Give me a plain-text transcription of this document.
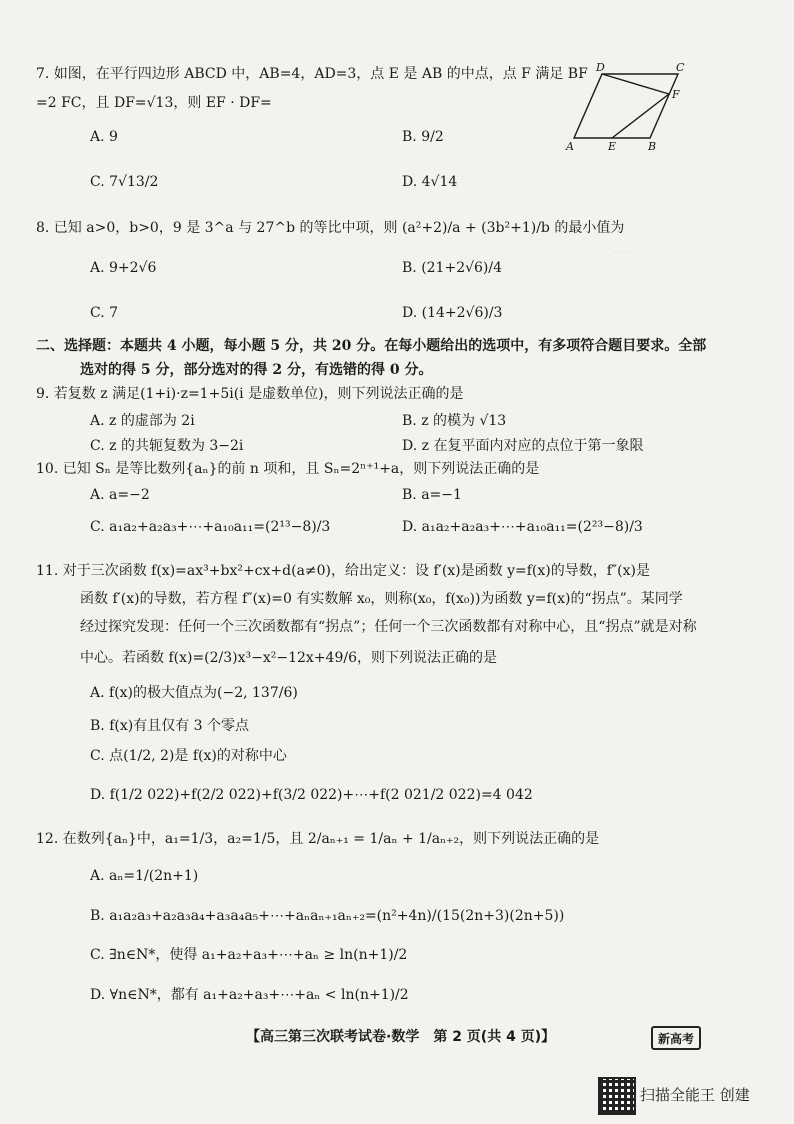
7. 如图，在平行四边形 ABCD 中，AB=4，AD=3，点 E 是 AB 的中点，点 F 满足 BF
=2 FC，且 DF=√13，则 EF · DF=
A. 9	B. 9/2
C. 7√13/2	D. 4√14
D	C
F
A	E	B
8. 已知 a>0，b>0，9 是 3^a 与 27^b 的等比中项，则 (a²+2)/a + (3b²+1)/b 的最小值为
A. 9+2√6	B. (21+2√6)/4
C. 7	D. (14+2√6)/3
二、选择题：本题共 4 小题，每小题 5 分，共 20 分。在每小题给出的选项中，有多项符合题目要求。全部
选对的得 5 分，部分选对的得 2 分，有选错的得 0 分。
9. 若复数 z 满足(1+i)·z=1+5i(i 是虚数单位)，则下列说法正确的是
A. z 的虚部为 2i	B. z 的模为 √13
C. z 的共轭复数为 3−2i	D. z 在复平面内对应的点位于第一象限
10. 已知 Sₙ 是等比数列{aₙ}的前 n 项和，且 Sₙ=2ⁿ⁺¹+a，则下列说法正确的是
A. a=−2	B. a=−1
C. a₁a₂+a₂a₃+⋯+a₁₀a₁₁=(2¹³−8)/3	D. a₁a₂+a₂a₃+⋯+a₁₀a₁₁=(2²³−8)/3
11. 对于三次函数 f(x)=ax³+bx²+cx+d(a≠0)，给出定义：设 f′(x)是函数 y=f(x)的导数，f″(x)是
函数 f′(x)的导数，若方程 f″(x)=0 有实数解 x₀，则称(x₀，f(x₀))为函数 y=f(x)的“拐点”。某同学
经过探究发现：任何一个三次函数都有“拐点”；任何一个三次函数都有对称中心，且“拐点”就是对称
中心。若函数 f(x)=(2/3)x³−x²−12x+49/6，则下列说法正确的是
A. f(x)的极大值点为(−2, 137/6)
B. f(x)有且仅有 3 个零点
C. 点(1/2, 2)是 f(x)的对称中心
D. f(1/2 022)+f(2/2 022)+f(3/2 022)+⋯+f(2 021/2 022)=4 042
12. 在数列{aₙ}中，a₁=1/3，a₂=1/5，且 2/aₙ₊₁ = 1/aₙ + 1/aₙ₊₂，则下列说法正确的是
A. aₙ=1/(2n+1)
B. a₁a₂a₃+a₂a₃a₄+a₃a₄a₅+⋯+aₙaₙ₊₁aₙ₊₂=(n²+4n)/(15(2n+3)(2n+5))
C. ∃n∈N*，使得 a₁+a₂+a₃+⋯+aₙ ≥ ln(n+1)/2
D. ∀n∈N*，都有 a₁+a₂+a₃+⋯+aₙ < ln(n+1)/2
· · ·
· · ·
【高三第三次联考试卷·数学　第 2 页(共 4 页)】	新高考
扫描全能王 创建
